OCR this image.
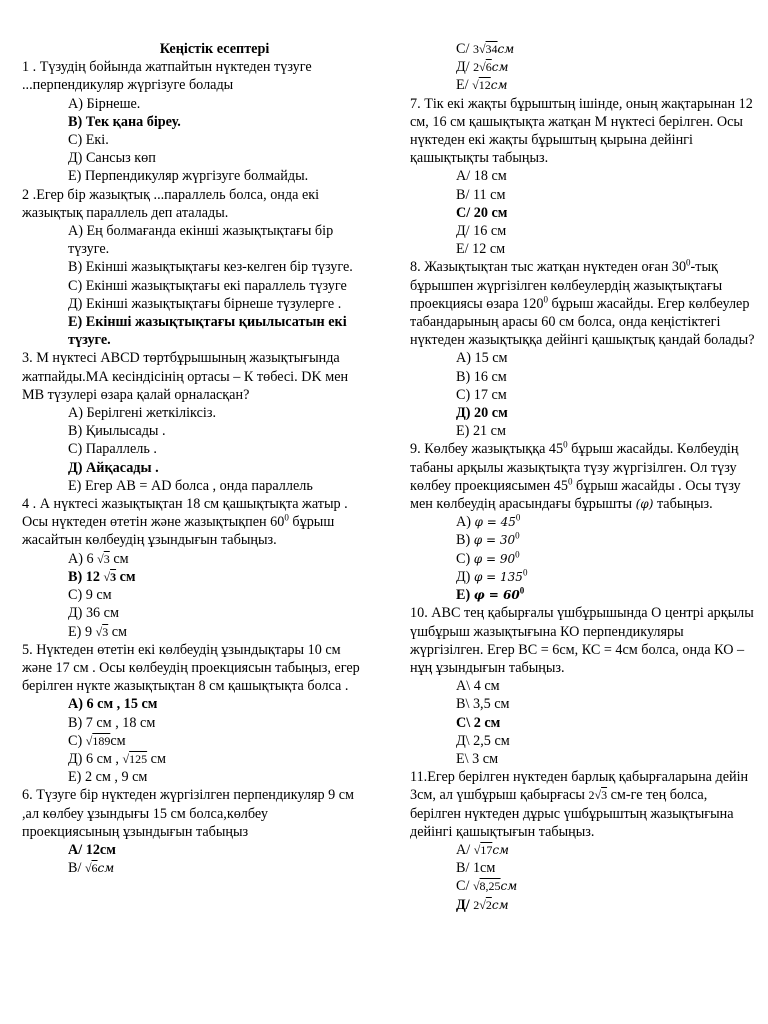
Кеңістік есептері
1 . Түзудің бойында жатпайтын нүктеден түзуге ...перпендикуляр жүргізуге болады
А) Бірнеше.
В) Тек қана біреу.
С) Екі.
Д) Сансыз көп
Е) Перпендикуляр жүргізуге болмайды.
2 .Егер бір жазықтық ...параллель болса, онда екі жазықтық параллель деп аталады.
А) Ең болмағанда екінші жазықтықтағы бір түзуге.
В) Екінші жазықтықтағы кез-келген бір түзуге.
С) Екінші жазықтықтағы екі параллель түзуге
Д) Екінші жазықтықтағы бірнеше түзулерге .
Е) Екінші жазықтықтағы қиылысатын екі түзуге.
3. М нүктесі АВСD төртбұрышының жазықтығында жатпайды.МА кесіндісінің ортасы – К төбесі. DK мен МВ түзулері өзара қалай орналасқан?
А) Берілгені жеткіліксіз.
В) Қиылысады .
С) Параллель .
Д) Айқасады .
Е) Егер АВ = АD болса , онда параллель
4 . А нүктесі жазықтықтан 18 см қашықтықта жатыр . Осы нүктеден өтетін және жазықтықпен $60^0$ бұрыш жасайтын көлбеудің ұзындығын табыңыз.
А) 6 √3 см
В) 12 √3 см
С) 9 см
Д) 36 см
Е) 9 √3 см
5. Нүктеден өтетін екі көлбеудің ұзындықтары 10 см және 17 см . Осы көлбеудің проекциясын табыңыз, егер берілген нүкте жазықтықтан 8 см қашықтықта болса .
А) 6 см , 15 см
В) 7 см , 18 см
С) √189см
Д) 6 см , √125 см
Е) 2 см , 9 см
6. Түзуге бір нүктеден жүргізілген перпендикуляр 9 см ,ал көлбеу ұзындығы 15 см болса,көлбеу проекциясының ұзындығын табыңыз
А/ 12см
В/ √6см
С/ 3√34см
Д/ 2√6см
Е/ √12см
7. Тік екі жақты бұрыштың ішінде, оның жақтарынан 12 см, 16 см қашықтықта жатқан М нүктесі берілген. Осы нүктеден екі жақты бұрыштың қырына дейінгі қашықтықты табыңыз.
А/ 18 см
В/ 11 см
С/ 20 см
Д/ 16 см
Е/ 12 см
8. Жазықтықтан тыс жатқан нүктеден оған $30^0$-тық бұрышпен жүргізілген көлбеулердің жазықтықтағы проекциясы өзара $120^0$ бұрыш жасайды. Егер көлбеулер табандарының арасы 60 см болса, онда кеңістіктегі нүктеден жазықтыққа дейінгі қашықтық қандай болады?
А) 15 см
В) 16 см
С) 17 см
Д) 20 см
Е) 21 см
9. Көлбеу жазықтыққа $45^0$ бұрыш жасайды. Көлбеудің табаны арқылы жазықтықта түзу жүргізілген. Ол түзу көлбеу проекциясымен $45^0$ бұрыш жасайды . Осы түзу мен көлбеудің арасындағы бұрышты (φ) табыңыз.
А) $\varphi = 45^0$
В) $\varphi = 30^0$
С) $\varphi = 90^0$
Д) $\varphi = 135^0$
Е) $\varphi = 60^0$
10. АВС тең қабырғалы үшбұрышында О центрі арқылы үшбұрыш жазықтығына КО перпендикуляры жүргізілген. Егер ВС = 6см, КС = 4см болса, онда КО – нұң ұзындығын табыңыз.
А\ 4 см
В\ 3,5 см
С\ 2 см
Д\ 2,5 см
Е\ 3 см
11.Егер берілген нүктеден барлық қабырғаларына дейін 3см, ал үшбұрыш қабырғасы 2√3 см-ге тең болса, берілген нүктеден дұрыс үшбұрыштың жазықтығына дейінгі қашықтығын табыңыз.
А/ √17см
В/ 1см
С/ √8,25см
Д/ 2√2см
